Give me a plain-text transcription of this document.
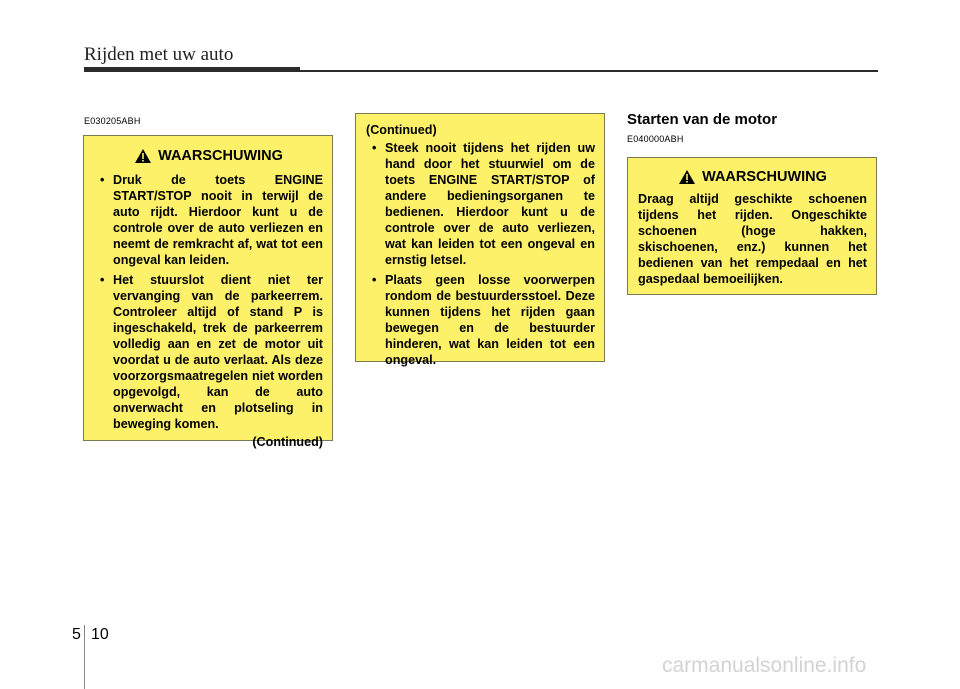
Rijden met uw auto
E030205ABH
WAARSCHUWING
• Druk de toets ENGINE START/STOP nooit in terwijl de auto rijdt. Hierdoor kunt u de controle over de auto verliezen en neemt de remkracht af, wat tot een ongeval kan leiden.
• Het stuurslot dient niet ter vervanging van de parkeerrem. Controleer altijd of stand P is ingeschakeld, trek de parkeerrem volledig aan en zet de motor uit voordat u de auto verlaat. Als deze voorzorgsmaatregelen niet worden opgevolgd, kan de auto onverwacht en plotseling in beweging komen.
(Continued)
(Continued)
• Steek nooit tijdens het rijden uw hand door het stuurwiel om de toets ENGINE START/STOP of andere bedieningsorganen te bedienen. Hierdoor kunt u de controle over de auto verliezen, wat kan leiden tot een ongeval en ernstig letsel.
• Plaats geen losse voorwerpen rondom de bestuurdersstoel. Deze kunnen tijdens het rijden gaan bewegen en de bestuurder hinderen, wat kan leiden tot een ongeval.
Starten van de motor
E040000ABH
WAARSCHUWING
Draag altijd geschikte schoenen tijdens het rijden. Ongeschikte schoenen (hoge hakken, skischoenen, enz.) kunnen het bedienen van het rempedaal en het gaspedaal bemoeilijken.
5 10
carmanualsonline.info
